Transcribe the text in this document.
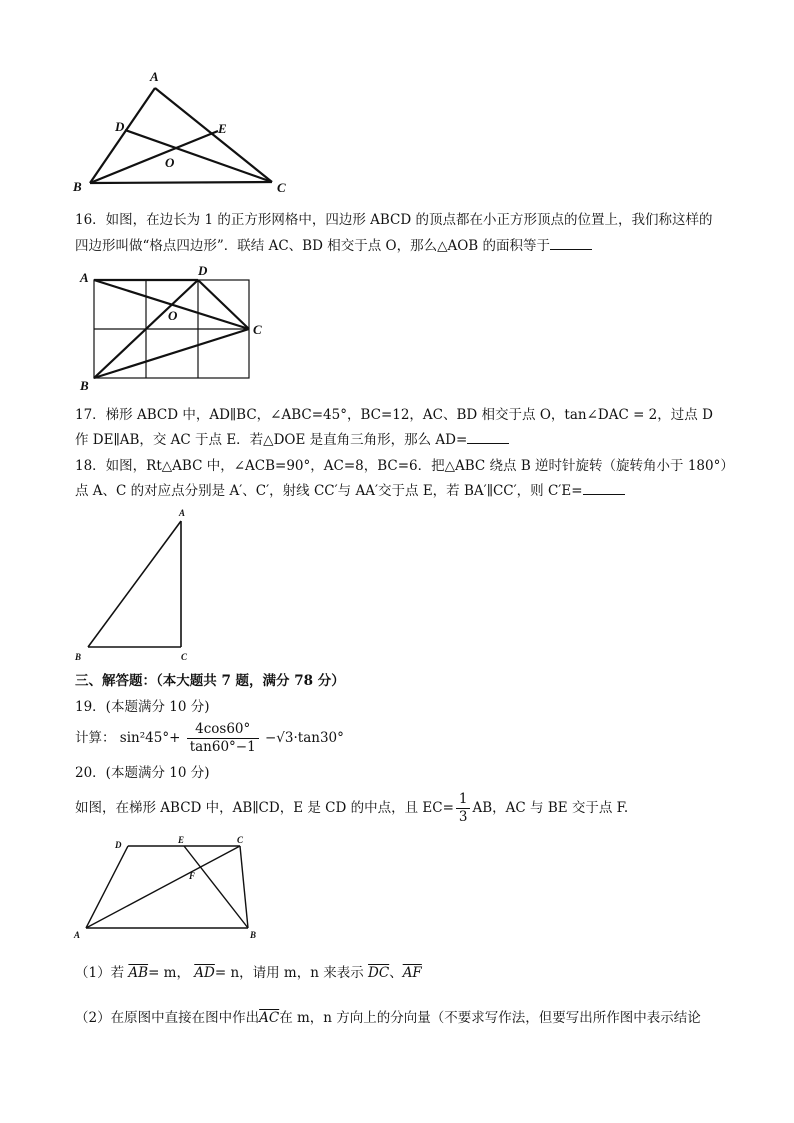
A
B	C
D	E
O
16．如图，在边长为 1 的正方形网格中，四边形 ABCD 的顶点都在小正方形顶点的位置上，我们称这样的
四边形叫做“格点四边形”．联结 AC、BD 相交于点 O，那么△AOB 的面积等于
A
B
C
D
O
17．梯形 ABCD 中，AD∥BC，∠ABC=45°，BC=12，AC、BD 相交于点 O，tan∠DAC = 2，过点 D
作 DE∥AB，交 AC 于点 E．若△DOE 是直角三角形，那么 AD=
18．如图，Rt△ABC 中，∠ACB=90°，AC=8，BC=6．把△ABC 绕点 B 逆时针旋转（旋转角小于 180°）
点 A、C 的对应点分别是 A′、C′，射线 CC′与 AA′交于点 E，若 BA′∥CC′，则 C′E=
A
B	C
三、解答题：（本大题共 7 题，满分 78 分）
19．(本题满分 10 分)
计算： $\sin^245^\circ+ \frac{4\cos 60^\circ}{\tan 60^\circ-1} -√3\cdot\tan 30^\circ$
20．(本题满分 10 分)
如图，在梯形 ABCD 中，AB∥CD，E 是 CD 的中点，且 $EC= \frac{1}{3}$ AB，AC 与 BE 交于点 F.
D	E	C
F
A	B
（1）若 $\overline{AB}= m$， $\overline{AD}= n$，请用 m，n 来表示 $\overline{DC}$、$\overline{AF}$
（2）在原图中直接在图中作出$\overline{AC}$在 m，n 方向上的分向量（不要求写作法，但要写出所作图中表示结论
